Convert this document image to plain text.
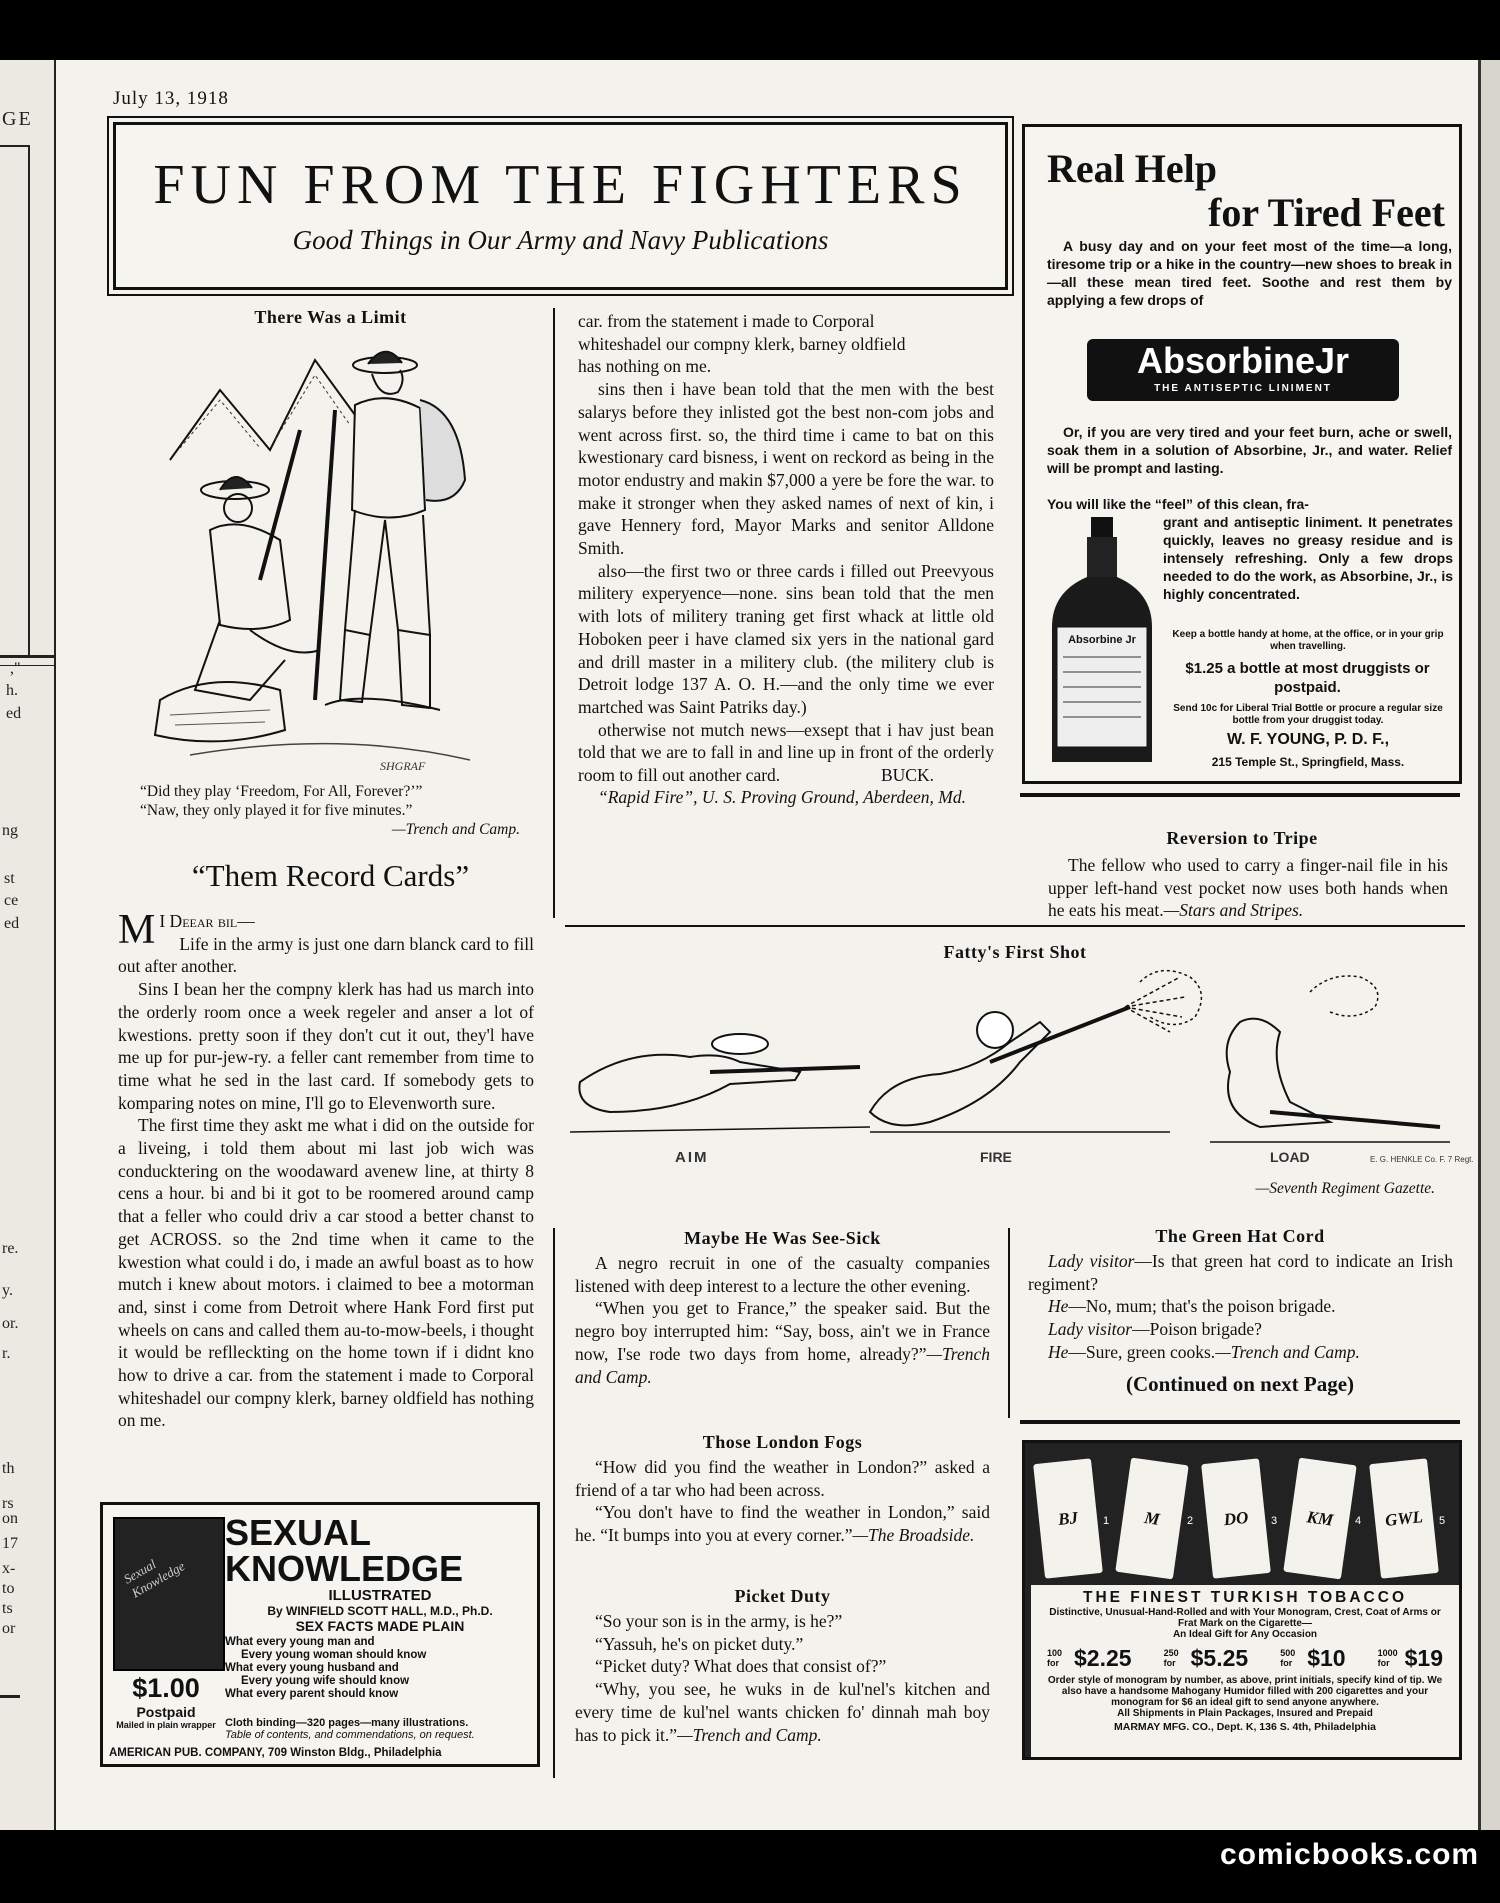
GE
,"
h.
ed
ng
st
ce
ed
re.
y.
or.
r.
th
rs
on
17
x-
to
ts
or
July 13, 1918
FUN FROM THE FIGHTERS
Good Things in Our Army and Navy Publications
There Was a Limit
SHGRAF
“Did they play ‘Freedom, For All, Forever?’”
“Naw, they only played it for five minutes.”
—Trench and Camp.
“Them Record Cards”

M I Deear bil—

Life in the army is just one darn blanck card to fill out after another.

Sins I bean her the compny klerk has had us march into the orderly room once a week regeler and anser a lot of kwestions. pretty soon if they don't cut it out, they'l have me up for pur-jew-ry. a feller cant remember from time to time what he sed in the last card. If somebody gets to komparing notes on mine, I'll go to Elevenworth sure.

The first time they askt me what i did on the outside for a liveing, i told them about mi last job wich was conducktering on the woodaward avenew line, at thirty 8 cens a hour. bi and bi it got to be roomered around camp that a feller who could driv a car stood a better chanst to get ACROSS. so the 2nd time when it came to the kwestion what could i do, i made an awful boast as to how mutch i knew about motors. i claimed to bee a motorman and, sinst i come from Detroit where Hank Ford first put wheels on cans and called them au-to-mow-beels, i thought it would be reflleckting on the home town if i didnt kno how to drive a car. from the statement i made to Corporal whiteshadel our compny klerk, barney oldfield has nothing on me.

car. from the statement i made to Corporal

whiteshadel our compny klerk, barney oldfield

has nothing on me.

sins then i have bean told that the men with the best salarys before they inlisted got the best non-com jobs and went across first. so, the third time i came to bat on this kwestionary card bisness, i went on reckord as being in the motor endustry and makin $7,000 a yere be fore the war. to make it stronger when they asked names of next of kin, i gave Hennery ford, Mayor Marks and senitor Alldone Smith.

also—the first two or three cards i filled out Preevyous militery experyence—none. sins bean told that the men with lots of militery traning get first whack at little old Hoboken peer i have clamed six yers in the national gard and drill master in a militery club. (the militery club is Detroit lodge 137 A. O. H.—and the only time we ever martched was Saint Patriks day.)

otherwise not mutch news—exsept that i hav just bean told that we are to fall in and line up in front of the orderly room to fill out another card.	BUCK.

“Rapid Fire”, U. S. Proving Ground, Aberdeen, Md.

Sexual Knowledge
$1.00
Postpaid
Mailed in plain wrapper
SEXUAL
KNOWLEDGE
ILLUSTRATED
By WINFIELD SCOTT HALL, M.D., Ph.D.
SEX FACTS MADE PLAIN
What every young man and
Every young woman should know
What every young husband and
Every young wife should know
What every parent should know
Cloth binding—320 pages—many illustrations.
Table of contents, and commendations, on request.
AMERICAN PUB. COMPANY, 709 Winston Bldg., Philadelphia
Real Help
for Tired Feet
A busy day and on your feet most of the time—a long, tiresome trip or a hike in the country—new shoes to break in—all these mean tired feet. Soothe and rest them by applying a few drops of
AbsorbineJr
THE ANTISEPTIC LINIMENT
Or, if you are very tired and your feet burn, ache or swell, soak them in a solution of Absorbine, Jr., and water. Relief will be prompt and lasting.
You will like the “feel” of this clean, fra-
Absorbine Jr
grant and antiseptic liniment. It penetrates quickly, leaves no greasy residue and is intensely refreshing. Only a few drops needed to do the work, as Absorbine, Jr., is highly concentrated.
Keep a bottle handy at home, at the office, or in your grip when travelling.
$1.25 a bottle at most druggists or postpaid.
Send 10c for Liberal Trial Bottle or procure a regular size bottle from your druggist today.
W. F. YOUNG, P. D. F.,
215 Temple St., Springfield, Mass.
Reversion to Tripe

The fellow who used to carry a finger-nail file in his upper left-hand vest pocket now uses both hands when he eats his meat.—Stars and Stripes.

Fatty's First Shot
AIM	FIRE	LOAD	E. G. HENKLE Co. F. 7 Regt.
—Seventh Regiment Gazette.
Maybe He Was See-Sick

A negro recruit in one of the casualty companies listened with deep interest to a lecture the other evening.

“When you get to France,” the speaker said. But the negro boy interrupted him: “Say, boss, ain't we in France now, I'se rode two days from home, already?”—Trench and Camp.

Those London Fogs

“How did you find the weather in London?” asked a friend of a tar who had been across.

“You don't have to find the weather in London,” said he. “It bumps into you at every corner.”—The Broadside.

Picket Duty

“So your son is in the army, is he?”

“Yassuh, he's on picket duty.”

“Picket duty? What does that consist of?”

“Why, you see, he wuks in de kul'nel's kitchen and every time de kul'nel wants chicken fo' dinnah mah boy has to pick it.”—Trench and Camp.

The Green Hat Cord

Lady visitor—Is that green hat cord to indicate an Irish regiment?

He—No, mum; that's the poison brigade.

Lady visitor—Poison brigade?

He—Sure, green cooks.—Trench and Camp.

(Continued on next Page)
BJ 1 M 2 DO 3 KM 4 GWL 5
THE FINEST TURKISH TOBACCO
Distinctive, Unusual-Hand-Rolled and with Your Monogram, Crest, Coat of Arms or Frat Mark on the Cigarette—
An Ideal Gift for Any Occasion
100 for $2.25	250 for $5.25	500 for $10	1000 for $19
Order style of monogram by number, as above, print initials, specify kind of tip. We also have a handsome Mahogany Humidor filled with 200 cigarettes and your monogram for $6 an ideal gift to send anyone anywhere.
All Shipments in Plain Packages, Insured and Prepaid
MARMAY MFG. CO., Dept. K, 136 S. 4th, Philadelphia
comicbooks.com
